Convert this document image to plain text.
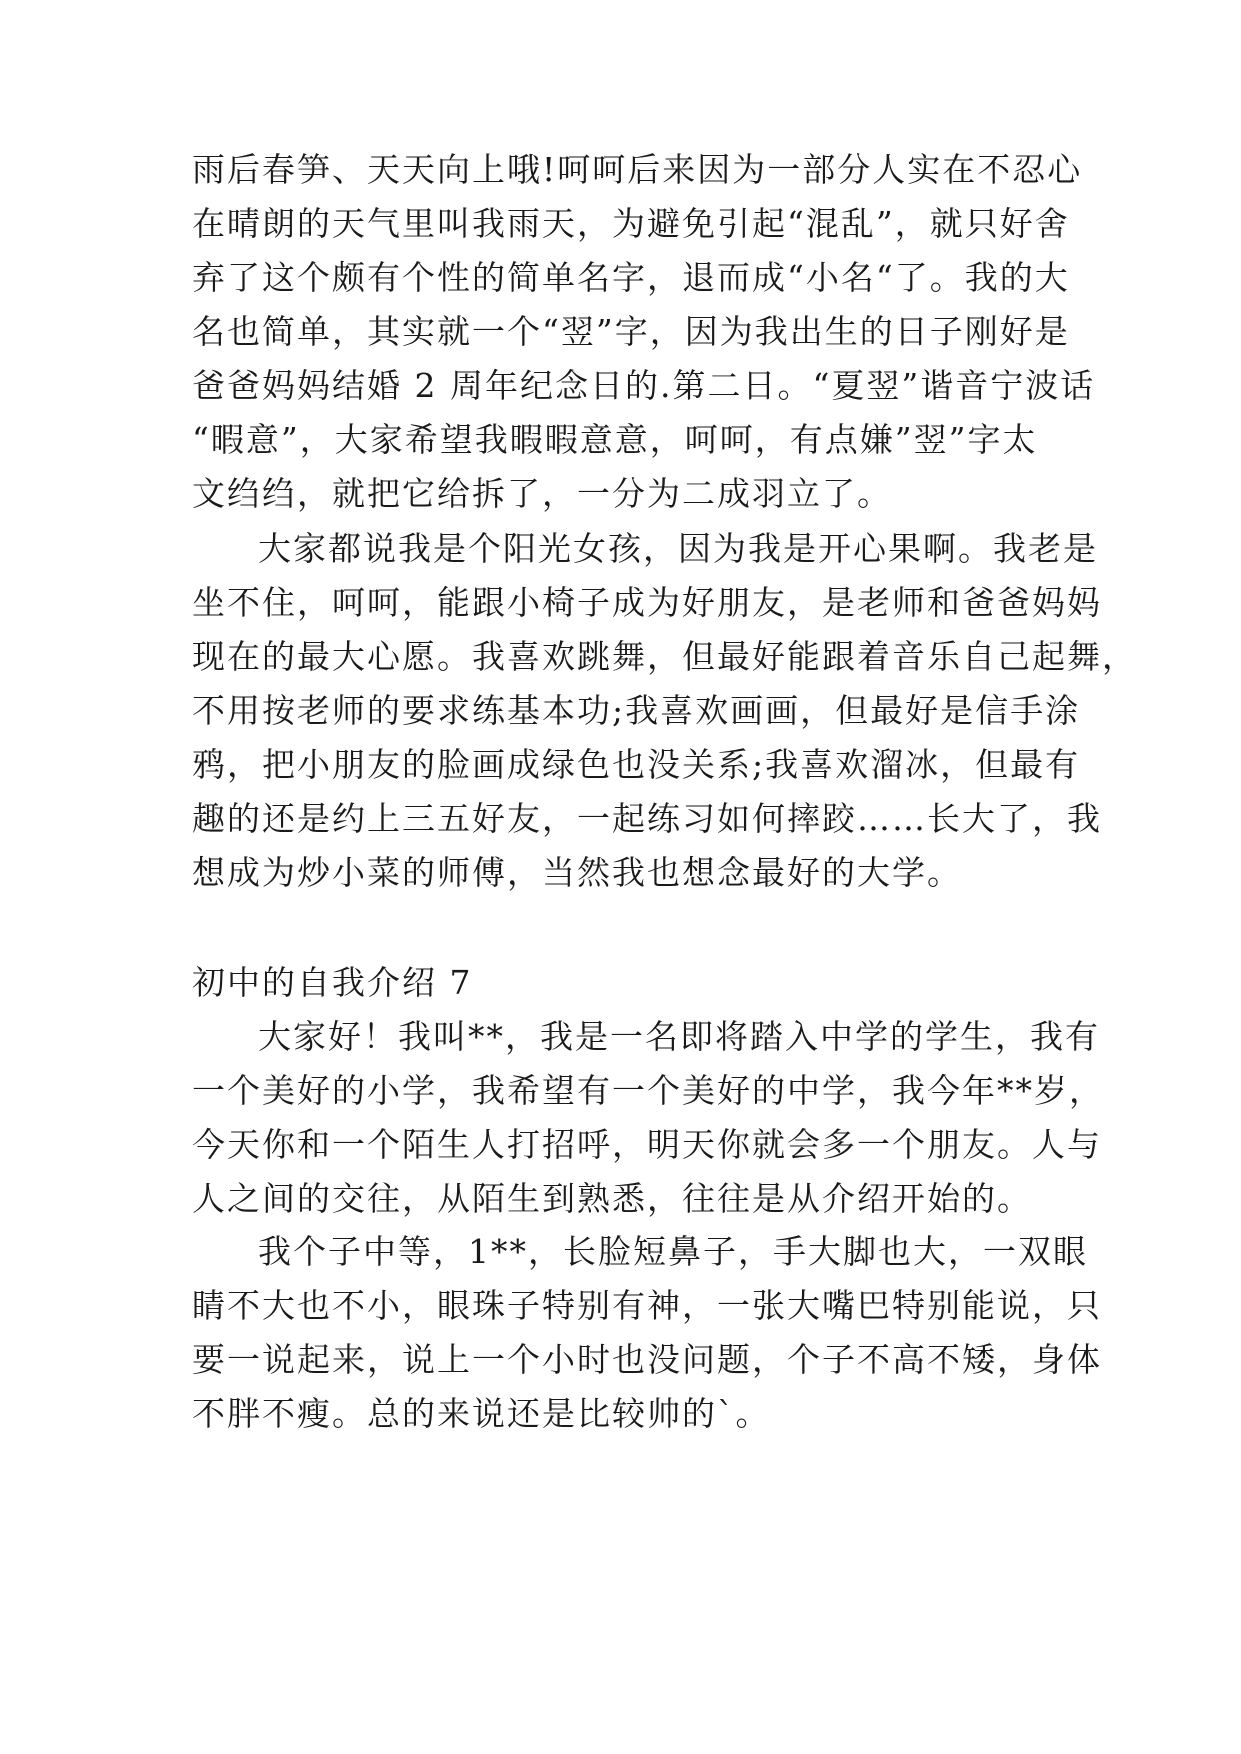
雨后春笋、天天向上哦!呵呵后来因为一部分人实在不忍心
在晴朗的天气里叫我雨天，为避免引起“混乱”，就只好舍
弃了这个颇有个性的简单名字，退而成“小名“了。我的大
名也简单，其实就一个“翌”字，因为我出生的日子刚好是
爸爸妈妈结婚 2 周年纪念日的.第二日。“夏翌”谐音宁波话
“暇意”，大家希望我暇暇意意，呵呵，有点嫌”翌”字太
文绉绉，就把它给拆了，一分为二成羽立了。
大家都说我是个阳光女孩，因为我是开心果啊。我老是
坐不住，呵呵，能跟小椅子成为好朋友，是老师和爸爸妈妈
现在的最大心愿。我喜欢跳舞，但最好能跟着音乐自己起舞，
不用按老师的要求练基本功;我喜欢画画，但最好是信手涂
鸦，把小朋友的脸画成绿色也没关系;我喜欢溜冰，但最有
趣的还是约上三五好友，一起练习如何摔跤……长大了，我
想成为炒小菜的师傅，当然我也想念最好的大学。
初中的自我介绍 7
大家好！我叫**，我是一名即将踏入中学的学生，我有
一个美好的小学，我希望有一个美好的中学，我今年**岁，
今天你和一个陌生人打招呼，明天你就会多一个朋友。人与
人之间的交往，从陌生到熟悉，往往是从介绍开始的。
我个子中等，1**，长脸短鼻子，手大脚也大，一双眼
睛不大也不小，眼珠子特别有神，一张大嘴巴特别能说，只
要一说起来，说上一个小时也没问题，个子不高不矮，身体
不胖不瘦。总的来说还是比较帅的`。
